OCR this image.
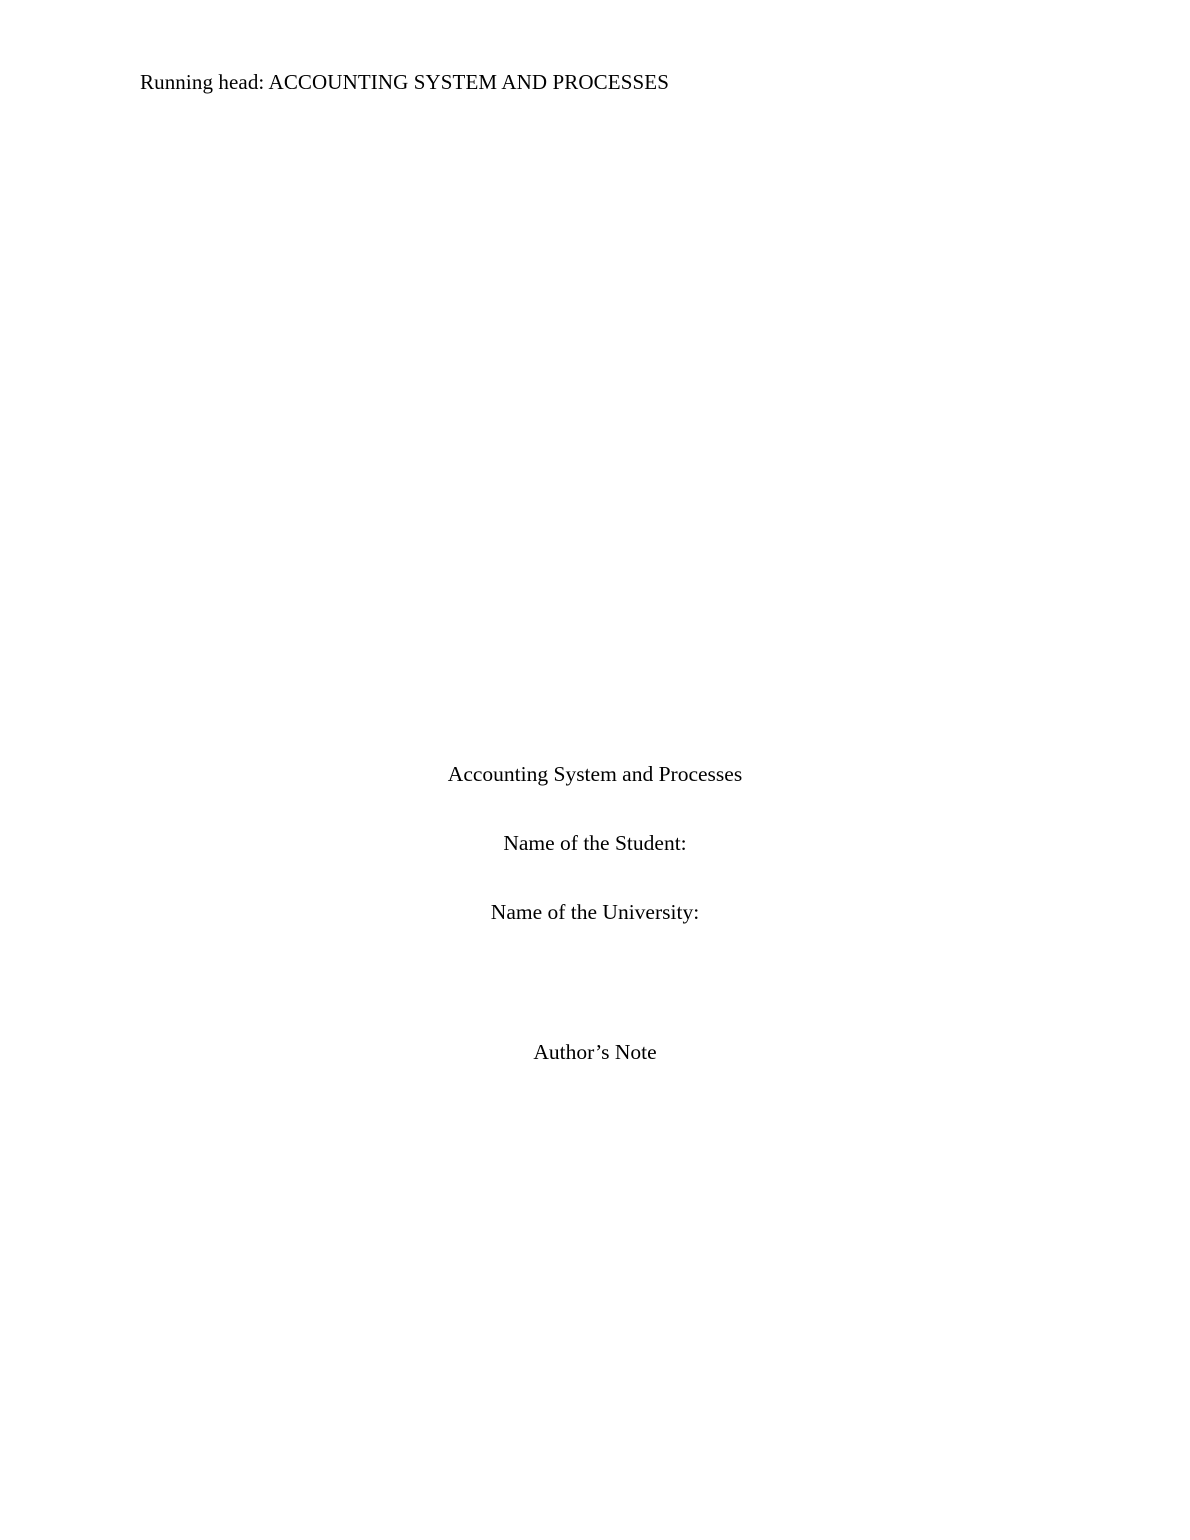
Running head: ACCOUNTING SYSTEM AND PROCESSES

Accounting System and Processes

Name of the Student:

Name of the University:

Author’s Note
